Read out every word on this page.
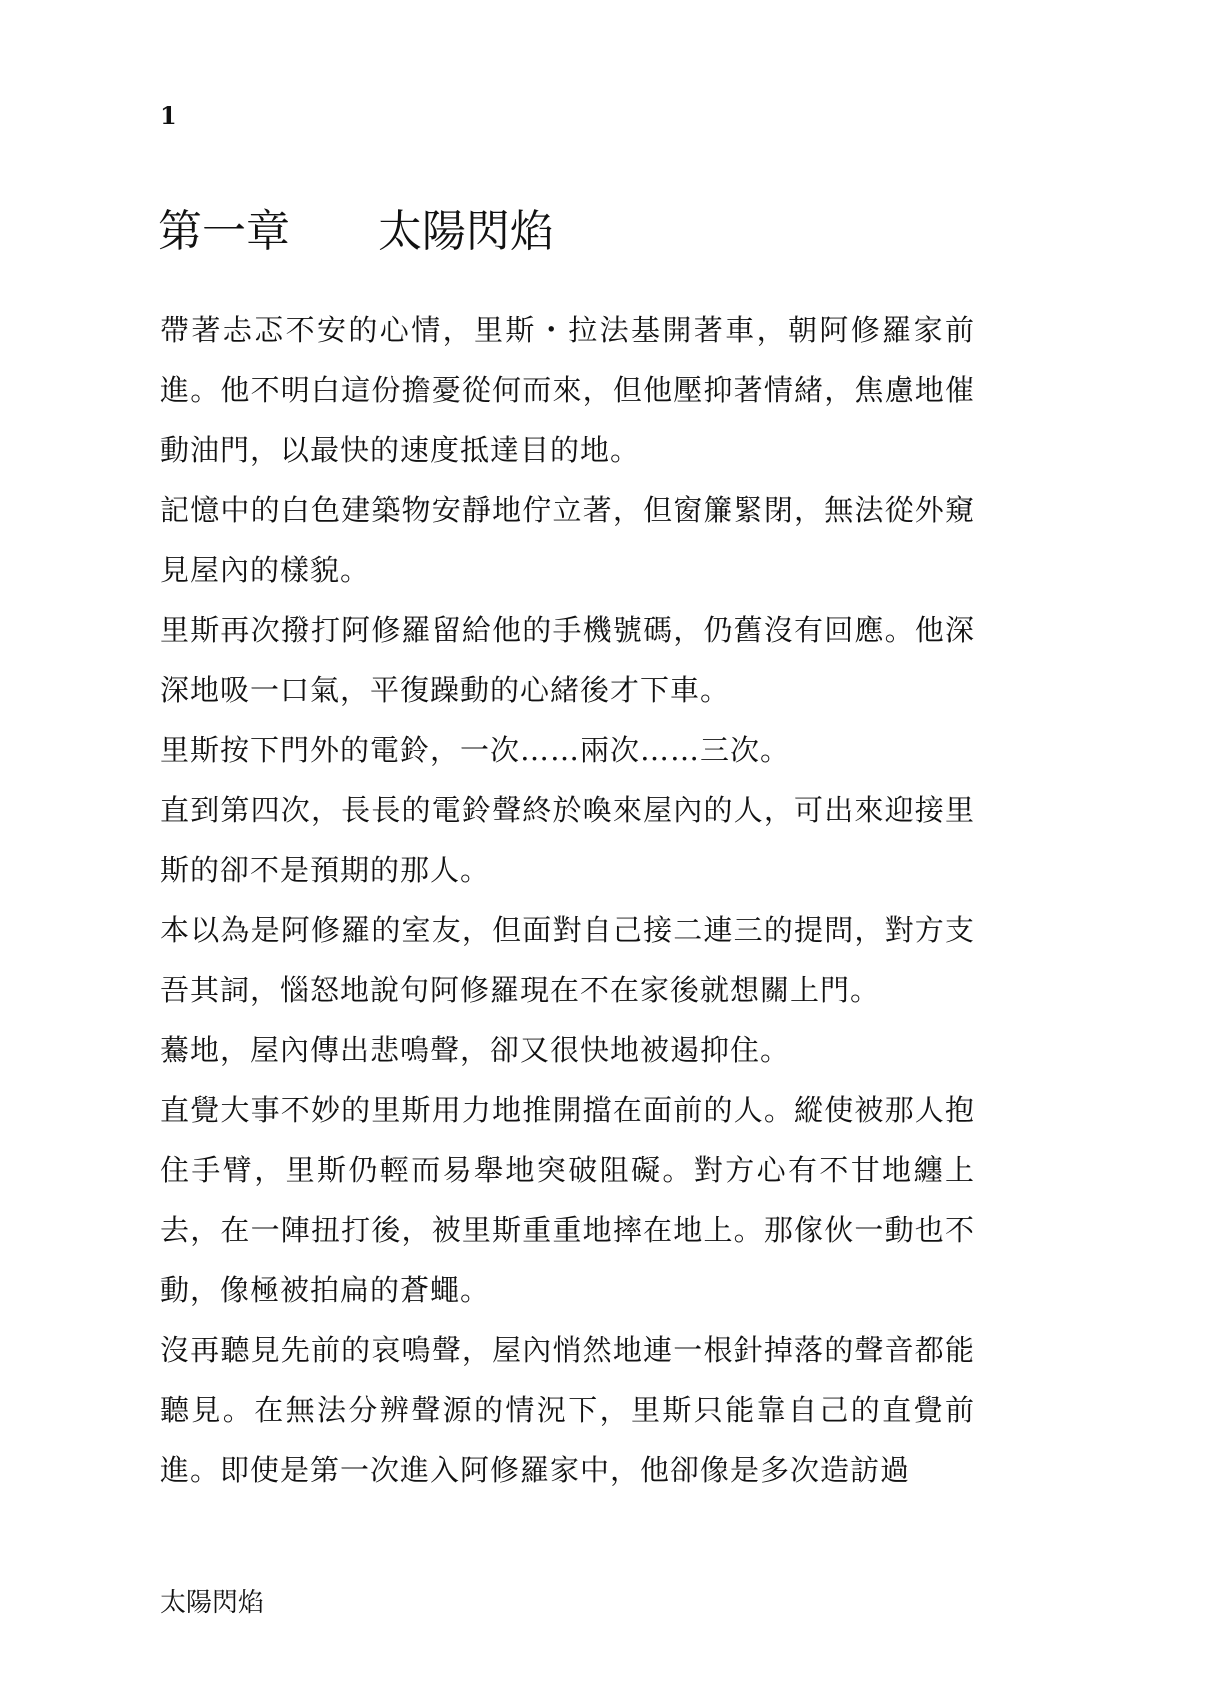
1
第一章　　太陽閃焰

帶著忐忑不安的心情，里斯・拉法基開著車，朝阿修羅家前進。他不明白這份擔憂從何而來，但他壓抑著情緒，焦慮地催動油門，以最快的速度抵達目的地。

記憶中的白色建築物安靜地佇立著，但窗簾緊閉，無法從外窺見屋內的樣貌。

里斯再次撥打阿修羅留給他的手機號碼，仍舊沒有回應。他深深地吸一口氣，平復躁動的心緒後才下車。

里斯按下門外的電鈴，一次……兩次……三次。

直到第四次，長長的電鈴聲終於喚來屋內的人，可出來迎接里斯的卻不是預期的那人。

本以為是阿修羅的室友，但面對自己接二連三的提問，對方支吾其詞，惱怒地說句阿修羅現在不在家後就想關上門。

驀地，屋內傳出悲鳴聲，卻又很快地被遏抑住。

直覺大事不妙的里斯用力地推開擋在面前的人。縱使被那人抱住手臂，里斯仍輕而易舉地突破阻礙。對方心有不甘地纏上去，在一陣扭打後，被里斯重重地摔在地上。那傢伙一動也不動，像極被拍扁的蒼蠅。

沒再聽見先前的哀鳴聲，屋內悄然地連一根針掉落的聲音都能聽見。在無法分辨聲源的情況下，里斯只能靠自己的直覺前進。即使是第一次進入阿修羅家中，他卻像是多次造訪過

太陽閃焰
